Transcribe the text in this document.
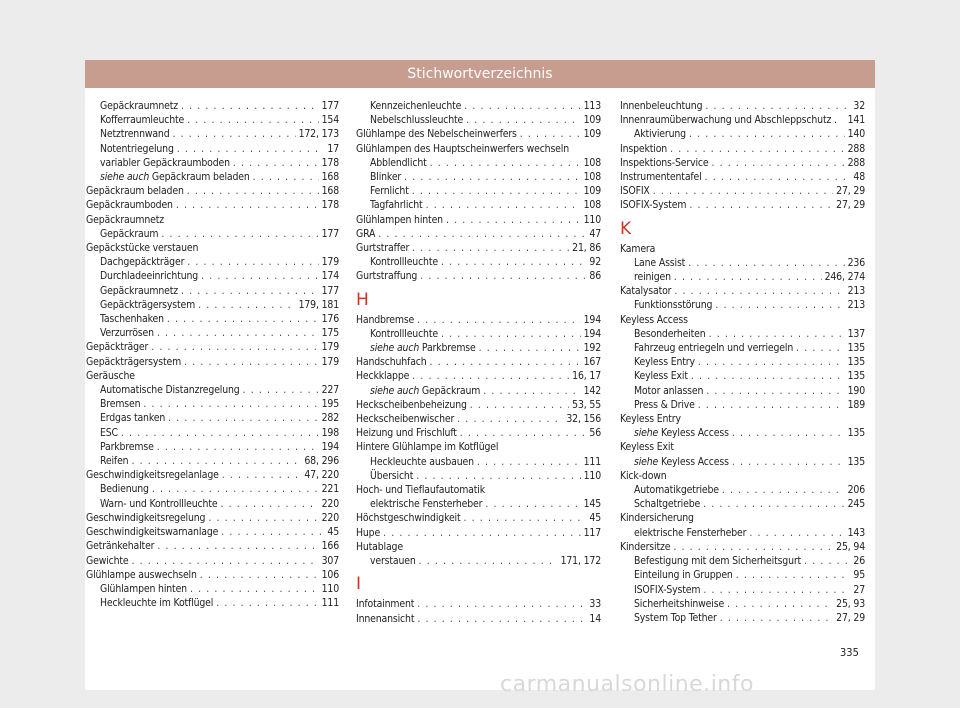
Stichwortverzeichnis
Gepäckraumnetz . . .	177
Kofferraumleuchte . . .	154
Netztrennwand . . .	172, 173
Notentriegelung . . .	17
variabler Gepäckraumboden . . .	178
siehe auch Gepäckraum beladen . . .	168
Gepäckraum beladen . . .	168
Gepäckraumboden . . .	178
Gepäckraumnetz
Gepäckraum . . .	177
Gepäckstücke verstauen
Dachgepäckträger . . .	179
Durchladeeinrichtung . . .	174
Gepäckraumnetz . . .	177
Gepäckträgersystem . . .	179, 181
Taschenhaken . . .	176
Verzurrösen . . .	175
Gepäckträger . . .	179
Gepäckträgersystem . . .	179
Geräusche
Automatische Distanzregelung . . .	227
Bremsen . . .	195
Erdgas tanken . . .	282
ESC . . .	198
Parkbremse . . .	194
Reifen . . .	68, 296
Geschwindigkeitsregelanlage . . .	47, 220
Bedienung . . .	221
Warn- und Kontrollleuchte . . .	220
Geschwindigkeitsregelung . . .	220
Geschwindigkeitswarnanlage . . .	45
Getränkehalter . . .	166
Gewichte . . .	307
Glühlampe auswechseln . . .	106
Glühlampen hinten . . .	110
Heckleuchte im Kotflügel . . .	111
Kennzeichenleuchte . . .	113
Nebelschlussleuchte . . .	109
Glühlampe des Nebelscheinwerfers . . .	109
Glühlampen des Hauptscheinwerfers wechseln
Abblendlicht . . .	108
Blinker . . .	108
Fernlicht . . .	109
Tagfahrlicht . . .	108
Glühlampen hinten . . .	110
GRA . . .	47
Gurtstraffer . . .	21, 86
Kontrollleuchte . . .	92
Gurtstraffung . . .	86
H
Handbremse . . .	194
Kontrollleuchte . . .	194
siehe auch Parkbremse . . .	192
Handschuhfach . . .	167
Heckklappe . . .	16, 17
siehe auch Gepäckraum . . .	142
Heckscheibenbeheizung . . .	53, 55
Heckscheibenwischer . . .	32, 156
Heizung und Frischluft . . .	56
Hintere Glühlampe im Kotflügel
Heckleuchte ausbauen . . .	111
Übersicht . . .	110
Hoch- und Tieflaufautomatik
elektrische Fensterheber . . .	145
Höchstgeschwindigkeit . . .	45
Hupe . . .	117
Hutablage
verstauen . . .	171, 172
I
Infotainment . . .	33
Innenansicht . . .	14
Innenbeleuchtung . . .	32
Innenraumüberwachung und Abschleppschutz . 141
Aktivierung . . .	140
Inspektion . . .	288
Inspektions-Service . . .	288
Instrumententafel . . .	48
ISOFIX . . .	27, 29
ISOFIX-System . . .	27, 29
K
Kamera
Lane Assist . . .	236
reinigen . . .	246, 274
Katalysator . . .	213
Funktionsstörung . . .	213
Keyless Access
Besonderheiten . . .	137
Fahrzeug entriegeln und verriegeln . . .	135
Keyless Entry . . .	135
Keyless Exit . . .	135
Motor anlassen . . .	190
Press & Drive . . .	189
Keyless Entry
siehe Keyless Access . . .	135
Keyless Exit
siehe Keyless Access . . .	135
Kick-down
Automatikgetriebe . . .	206
Schaltgetriebe . . .	245
Kindersicherung
elektrische Fensterheber . . .	143
Kindersitze . . .	25, 94
Befestigung mit dem Sicherheitsgurt . . .	26
Einteilung in Gruppen . . .	95
ISOFIX-System . . .	27
Sicherheitshinweise . . .	25, 93
System Top Tether . . .	27, 29
335
carmanualsonline.info
